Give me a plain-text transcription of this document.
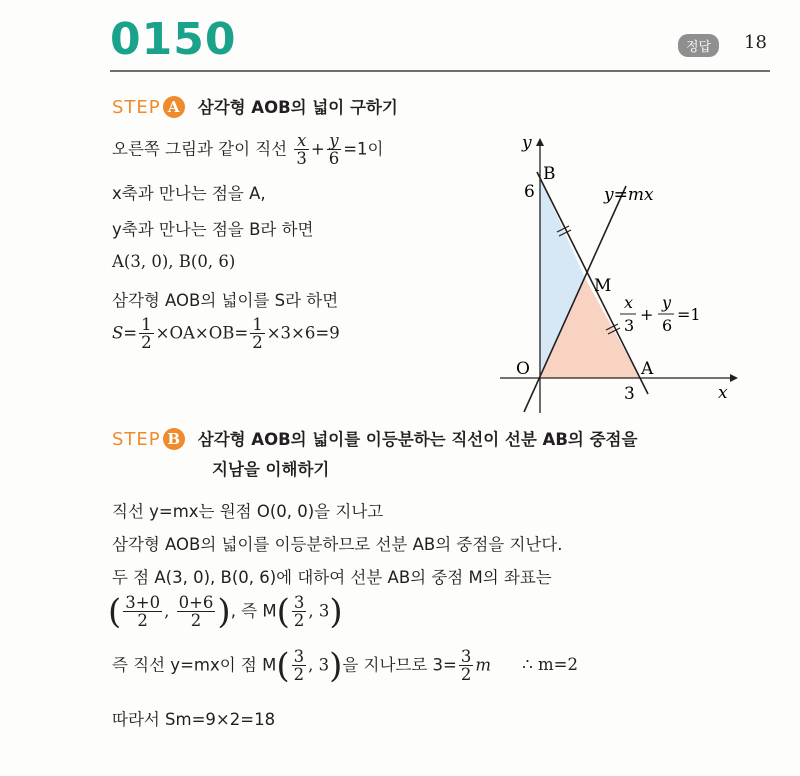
0150	정답	18
STEP A 삼각형 AOB의 넓이 구하기
오른쪽 그림과 같이 직선 $\frac{x}{3} + \frac{y}{6} =1$이
x축과 만나는 점을 A,
y축과 만나는 점을 B라 하면
A(3, 0), B(0, 6)
삼각형 AOB의 넓이를 S라 하면
$S= \frac{1}{2} \times OA\times OB= \frac{1}{2} \times 3\times 6=9$
y
x
B
6
M
O	A
3
y=mx
x
3
+
y
6
=1
STEP B 삼각형 AOB의 넓이를 이등분하는 직선이 선분 AB의 중점을
지남을 이해하기
직선 y=mx는 원점 O(0, 0)을 지나고
삼각형 AOB의 넓이를 이등분하므로 선분 AB의 중점을 지난다.
두 점 A(3, 0), B(0, 6)에 대하여 선분 AB의 중점 M의 좌표는
( $\frac{3+0}{2}$ , $\frac{0+6}{2}$ ), 즉 $M( \frac{3}{2}$ , 3)
즉 직선 y=mx이 점 $M( \frac{3}{2}$ , 3)을 지나므로 $3= \frac{3}{2}$ m ∴ m=2
따라서 Sm=9×2=18
